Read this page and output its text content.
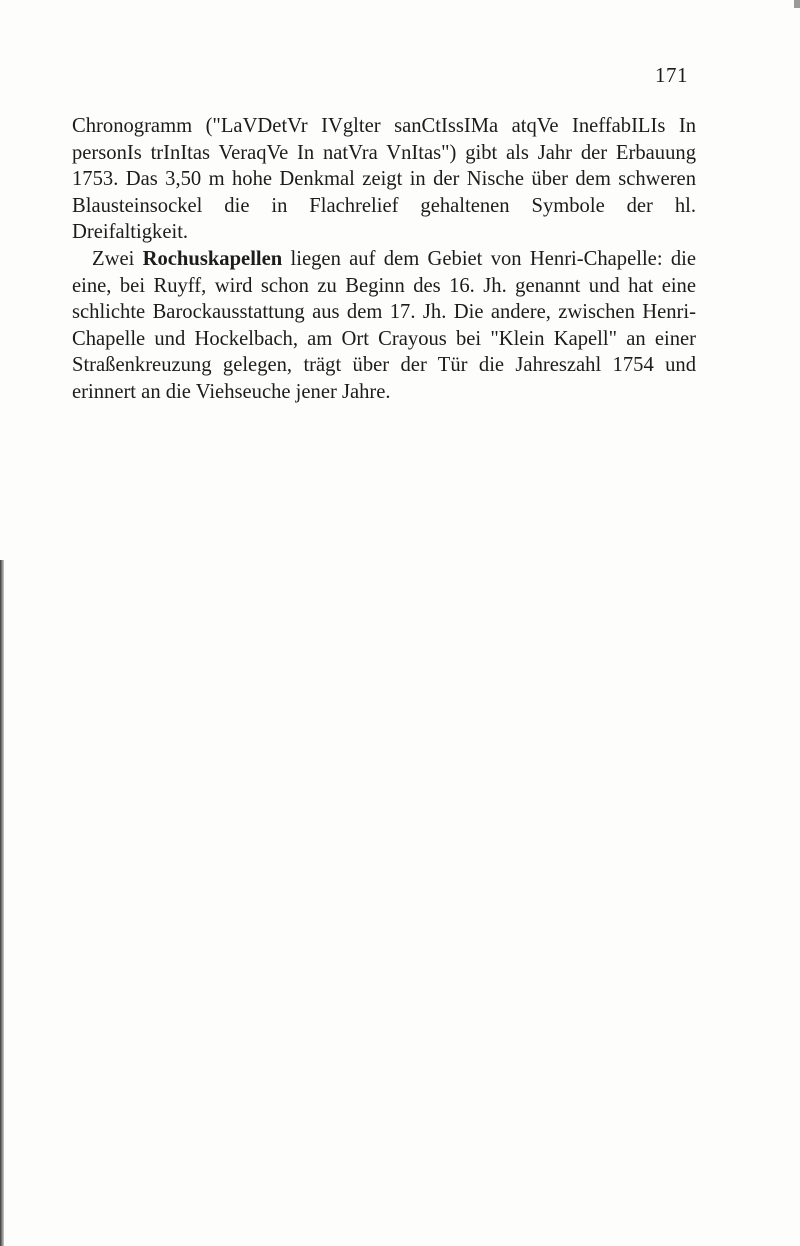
171

Chronogramm ("LaVDetVr IVglter sanCtIssIMa atqVe IneffabILIs In personIs trInItas VeraqVe In natVra VnItas") gibt als Jahr der Erbauung 1753. Das 3,50 m hohe Denkmal zeigt in der Nische über dem schweren Blausteinsockel die in Flachrelief gehaltenen Symbole der hl. Dreifaltigkeit.

Zwei Rochuskapellen liegen auf dem Gebiet von Henri-Chapelle: die eine, bei Ruyff, wird schon zu Beginn des 16. Jh. genannt und hat eine schlichte Barockausstattung aus dem 17. Jh. Die andere, zwischen Henri-Chapelle und Hockelbach, am Ort Crayous bei "Klein Kapell" an einer Straßenkreuzung gelegen, trägt über der Tür die Jahreszahl 1754 und erinnert an die Viehseuche jener Jahre.
